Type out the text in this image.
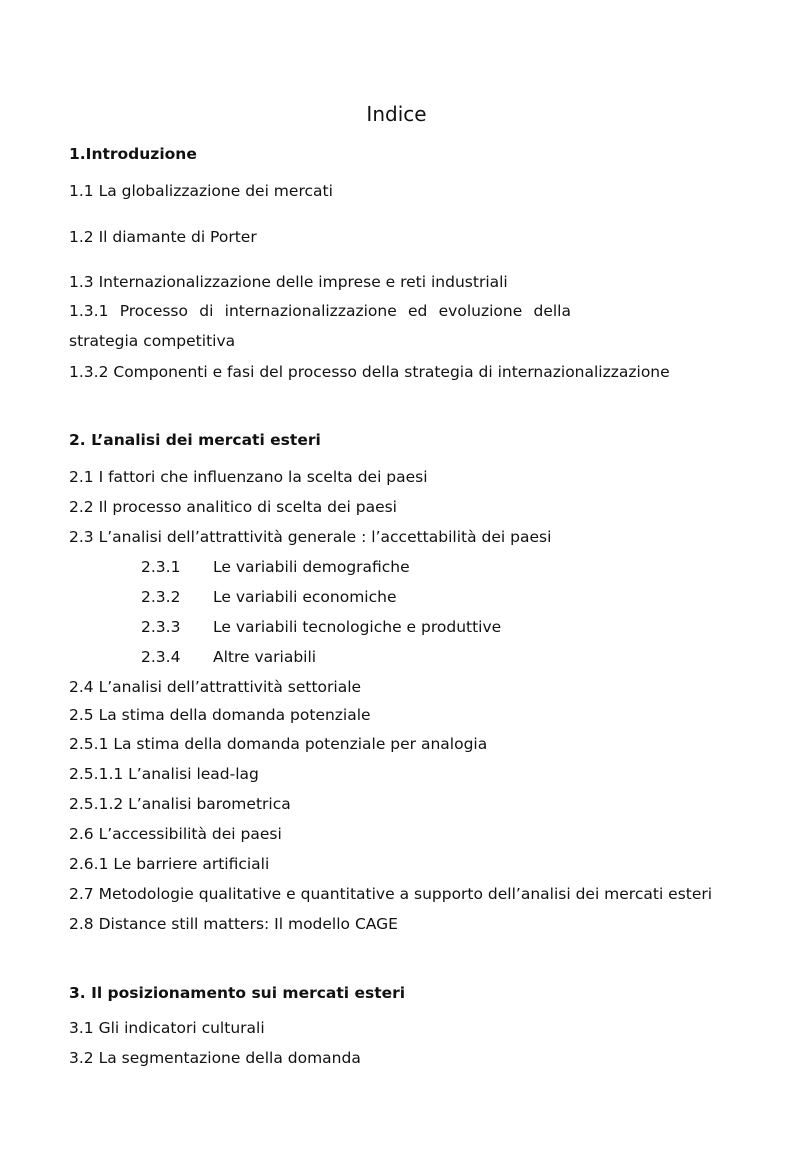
Indice
1.Introduzione
1.1 La globalizzazione dei mercati
1.2 Il diamante di Porter
1.3 Internazionalizzazione delle imprese e reti industriali
1.3.1 Processo di internazionalizzazione ed evoluzione della
strategia competitiva
1.3.2 Componenti e fasi del processo della strategia di internazionalizzazione
2. L’analisi dei mercati esteri
2.1 I fattori che influenzano la scelta dei paesi
2.2 Il processo analitico di scelta dei paesi
2.3 L’analisi dell’attrattività generale : l’accettabilità dei paesi
2.3.1 Le variabili demografiche
2.3.2 Le variabili economiche
2.3.3 Le variabili tecnologiche e produttive
2.3.4 Altre variabili
2.4 L’analisi dell’attrattività settoriale
2.5 La stima della domanda potenziale
2.5.1 La stima della domanda potenziale per analogia
2.5.1.1 L’analisi lead-lag
2.5.1.2 L’analisi barometrica
2.6 L’accessibilità dei paesi
2.6.1 Le barriere artificiali
2.7 Metodologie qualitative e quantitative a supporto dell’analisi dei mercati esteri
2.8 Distance still matters: Il modello CAGE
3. Il posizionamento sui mercati esteri
3.1 Gli indicatori culturali
3.2 La segmentazione della domanda
